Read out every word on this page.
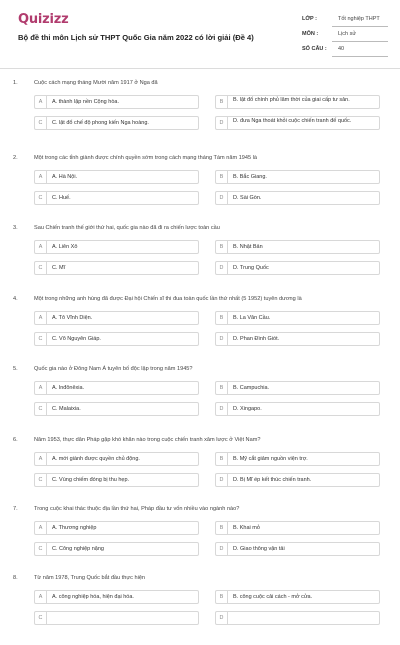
Quizizz
Bộ đề thi môn Lịch sử THPT Quốc Gia năm 2022 có lời giải (Đề 4)
LỚP :	Tốt nghiệp THPT
MÔN :	Lịch sử
SỐ CÂU : 40
1.	Cuộc cách mạng tháng Mười năm 1917 ở Nga đã
A	A. thành lập nền Cộng hòa.	B	B. lật đổ chính phủ lâm thời của giai cấp tư sản.
C	C. lật đổ chế độ phong kiến Nga hoàng.	D	D. đưa Nga thoát khỏi cuộc chiến tranh đế quốc.
2.	Một trong các tỉnh giành được chính quyền sớm trong cách mạng tháng Tám năm 1945 là
A	A. Hà Nội.	B	B. Bắc Giang.
C	C. Huế.	D	D. Sài Gòn.
3.	Sau Chiến tranh thế giới thứ hai, quốc gia nào đã đi ra chiến lược toàn cầu
A	A. Liên Xô	B	B. Nhật Bản
C	C. Mĩ	D	D. Trung Quốc
4.	Một trong những anh hùng đã được Đại hội Chiến sĩ thi đua toàn quốc lần thứ nhất (5 1952) tuyên dương là
A	A. Tô Vĩnh Diện.	B	B. La Văn Cầu.
C	C. Võ Nguyên Giáp.	D	D. Phan Đình Giót.
5.	Quốc gia nào ở Đông Nam Á tuyên bố độc lập trong năm 1945?
A	A. Inđônêxia.	B	B. Campuchia.
C	C. Malaixia.	D	D. Xingapo.
6.	Năm 1953, thực dân Pháp gặp khó khăn nào trong cuộc chiến tranh xâm lược ở Việt Nam?
A	A. mới giành được quyền chủ động.	B	B. Mỹ cắt giảm nguồn viện trợ.
C	C. Vùng chiếm đóng bị thu hẹp.	D	D. Bị Mĩ ép kết thúc chiến tranh.
7.	Trong cuộc khai thác thuộc địa lần thứ hai, Pháp đầu tư vốn nhiều vào ngành nào?
A	A. Thương nghiệp	B	B. Khai mỏ
C	C. Công nghiệp nặng	D	D. Giao thông vận tải
8.	Từ năm 1978, Trung Quốc bắt đầu thực hiện
A	A. công nghiệp hóa, hiện đại hóa.	B	B. công cuộc cải cách - mở cửa.
C	D
